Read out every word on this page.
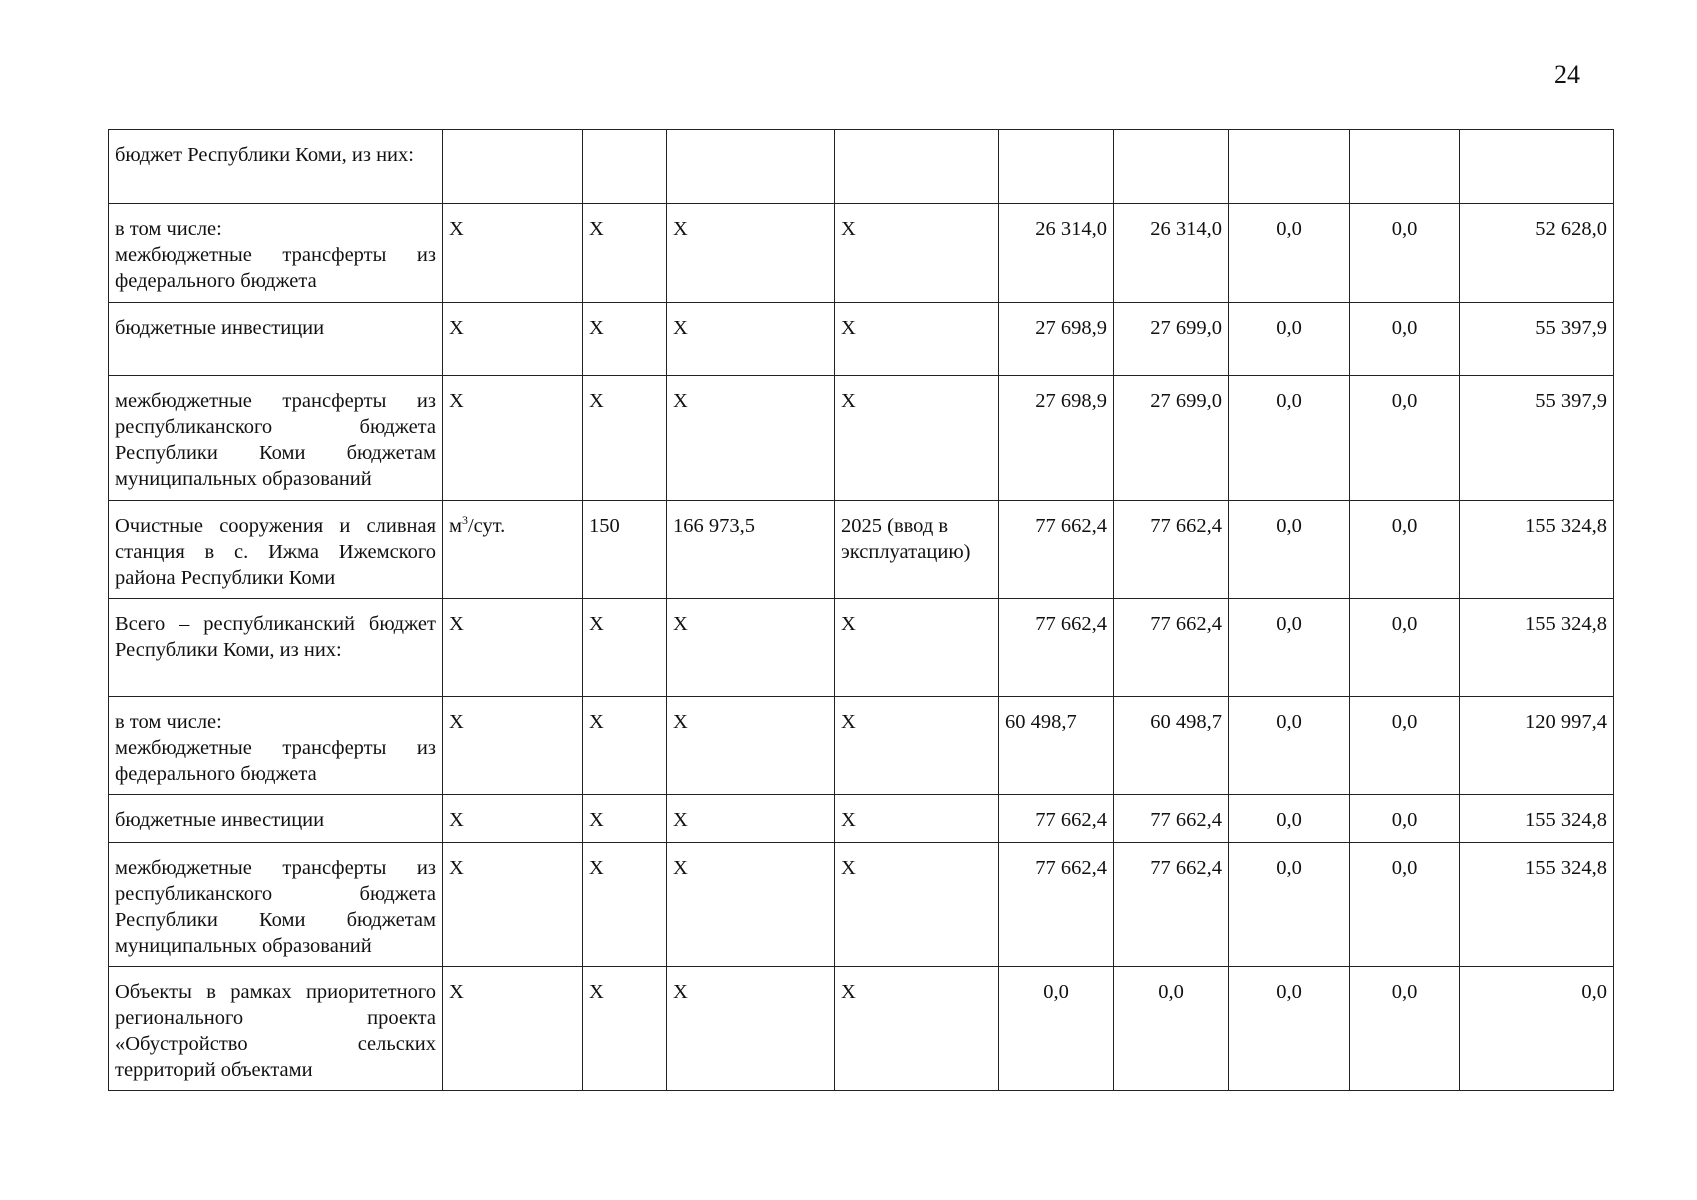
24
бюджет Республики Коми, из них:									

в том числе:
межбюджетные трансферты из федерального бюджета	X	X	X	X	26 314,0	26 314,0	0,0	0,0	52 628,0
бюджетные инвестиции	X	X	X	X	27 698,9	27 699,0	0,0	0,0	55 397,9
межбюджетные трансферты из республиканского бюджета Республики Коми бюджетам муниципальных образований	X	X	X	X	27 698,9	27 699,0	0,0	0,0	55 397,9
Очистные сооружения и сливная станция в с. Ижма Ижемского района Республики Коми	$м^3$/сут.	150	166 973,5	2025 (ввод в эксплуатацию)	77 662,4	77 662,4	0,0	0,0	155 324,8
Всего – республиканский бюджет Республики Коми, из них:	X	X	X	X	77 662,4	77 662,4	0,0	0,0	155 324,8

в том числе:
межбюджетные трансферты из федерального бюджета	X	X	X	X	60 498,7	60 498,7	0,0	0,0	120 997,4
бюджетные инвестиции	X	X	X	X	77 662,4	77 662,4	0,0	0,0	155 324,8
межбюджетные трансферты из республиканского бюджета Республики Коми бюджетам муниципальных образований	X	X	X	X	77 662,4	77 662,4	0,0	0,0	155 324,8
Объекты в рамках приоритетного регионального проекта «Обустройство сельских территорий объектами	X	X	X	X	0,0	0,0	0,0	0,0	0,0
